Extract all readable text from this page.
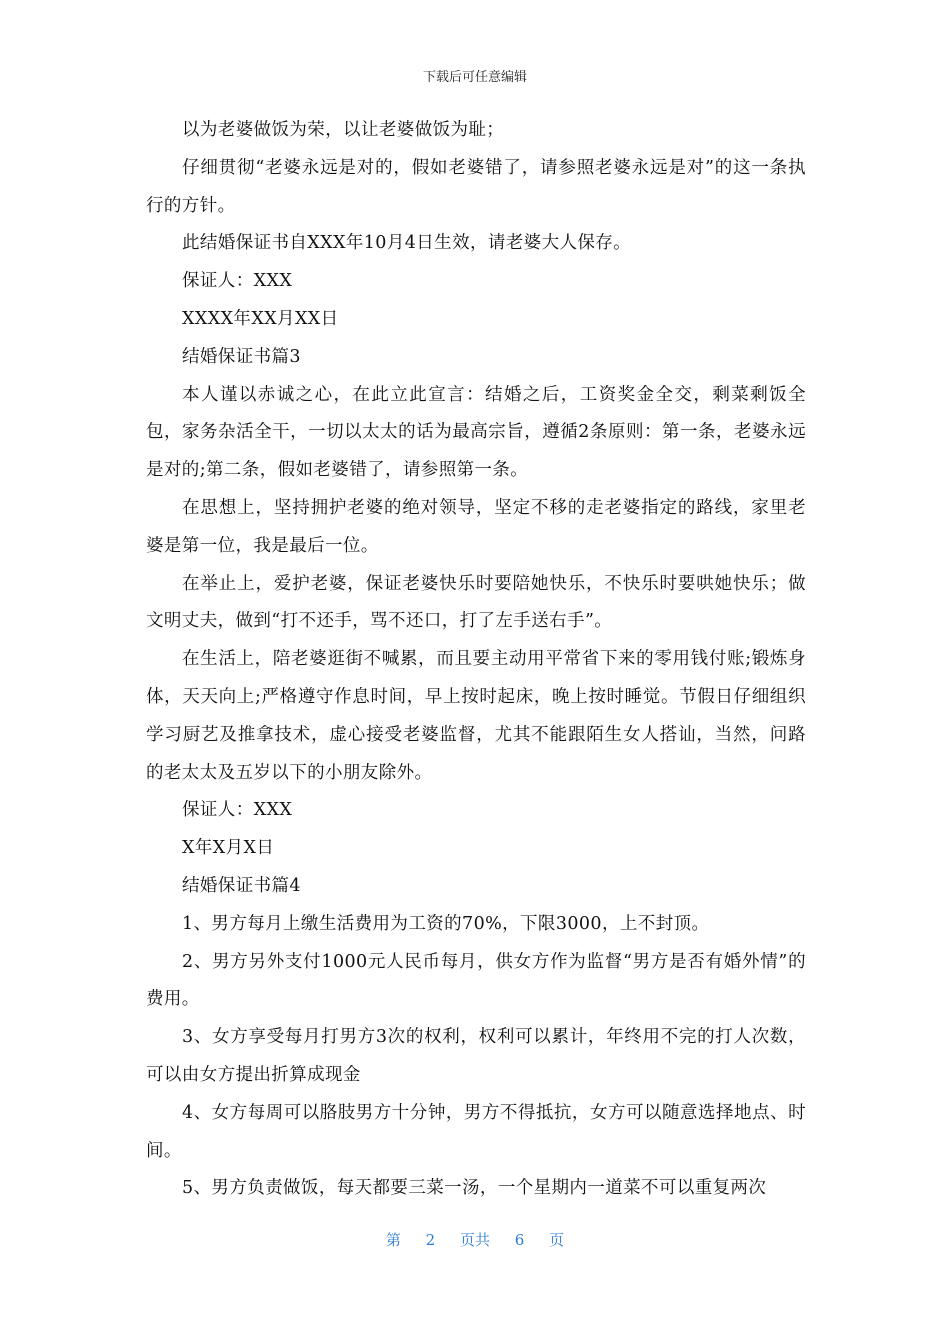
下载后可任意编辑

以为老婆做饭为荣，以让老婆做饭为耻；

仔细贯彻“老婆永远是对的，假如老婆错了，请参照老婆永远是对”的这一条执行的方针。

此结婚保证书自XXX年10月4日生效，请老婆大人保存。

保证人：XXX

XXXX年XX月XX日

结婚保证书篇3

本人谨以赤诚之心，在此立此宣言：结婚之后，工资奖金全交，剩菜剩饭全包，家务杂活全干，一切以太太的话为最高宗旨，遵循2条原则：第一条，老婆永远是对的;第二条，假如老婆错了，请参照第一条。

在思想上，坚持拥护老婆的绝对领导，坚定不移的走老婆指定的路线，家里老婆是第一位，我是最后一位。

在举止上，爱护老婆，保证老婆快乐时要陪她快乐，不快乐时要哄她快乐；做文明丈夫，做到“打不还手，骂不还口，打了左手送右手”。

在生活上，陪老婆逛街不喊累，而且要主动用平常省下来的零用钱付账;锻炼身体，天天向上;严格遵守作息时间，早上按时起床，晚上按时睡觉。节假日仔细组织学习厨艺及推拿技术，虚心接受老婆监督，尤其不能跟陌生女人搭讪，当然，问路的老太太及五岁以下的小朋友除外。

保证人：XXX

X年X月X日

结婚保证书篇4

1、男方每月上缴生活费用为工资的70%，下限3000，上不封顶。

2、男方另外支付1000元人民币每月，供女方作为监督“男方是否有婚外情”的费用。

3、女方享受每月打男方3次的权利，权利可以累计，年终用不完的打人次数，可以由女方提出折算成现金

4、女方每周可以胳肢男方十分钟，男方不得抵抗，女方可以随意选择地点、时间。

5、男方负责做饭，每天都要三菜一汤，一个星期内一道菜不可以重复两次

第 2 页共 6 页
